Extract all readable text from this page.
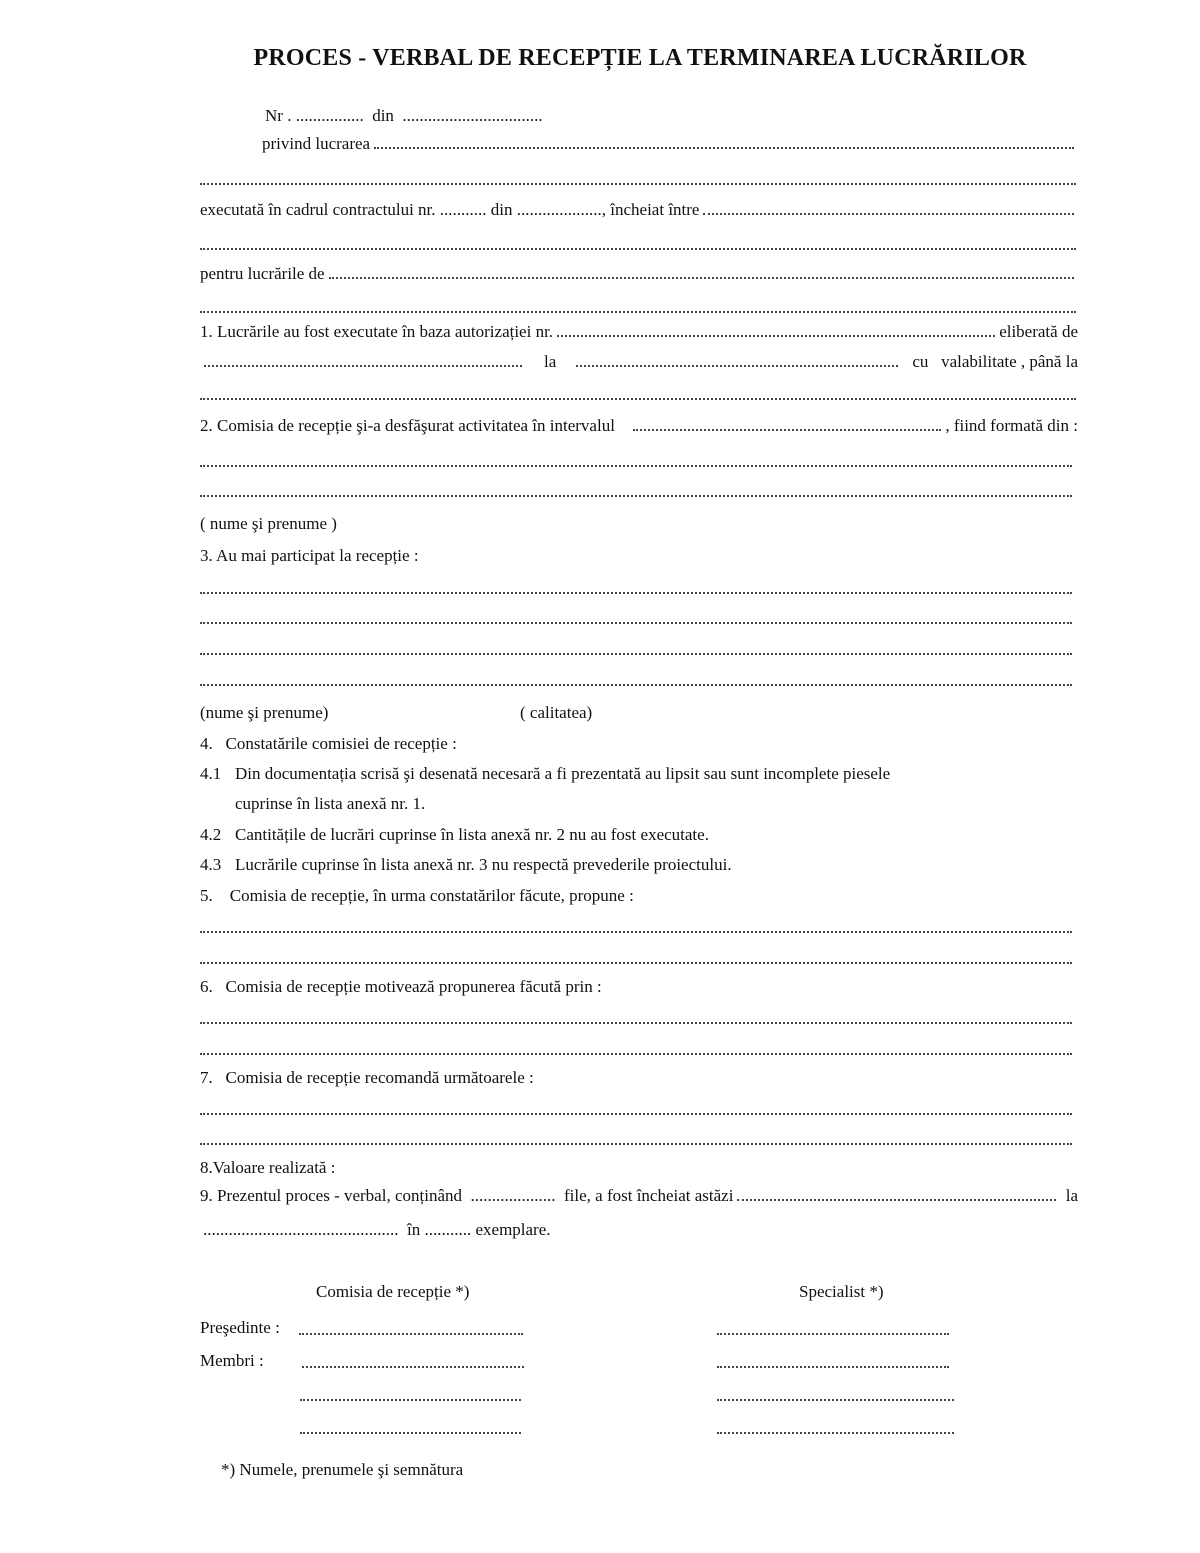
PROCES - VERBAL DE RECEPȚIE LA TERMINAREA LUCRĂRILOR
Nr . ................  din  .................................
privind lucrarea
executată în cadrul contractului nr. ........... din ...................., încheiat între
pentru lucrările de
1. Lucrările au fost executate în baza autorizației nr.	eliberată de
la	cu   valabilitate , până la
2. Comisia de recepție şi-a desfăşurat activitatea în intervalul	, fiind formată din :
( nume şi prenume )
3. Au mai participat la recepție :
(nume şi prenume)	( calitatea)
4.   Constatările comisiei de recepție :
4.1 Din documentația scrisă şi desenată necesară a fi prezentată au lipsit sau sunt incomplete piesele
cuprinse în lista anexă nr. 1.
4.2 Cantitățile de lucrări cuprinse în lista anexă nr. 2 nu au fost executate.
4.3 Lucrările cuprinse în lista anexă nr. 3 nu respectă prevederile proiectului.
5.    Comisia de recepție, în urma constatărilor făcute, propune :
6.   Comisia de recepție motivează propunerea făcută prin :
7.   Comisia de recepție recomandă următoarele :
8.Valoare realizată :
9. Prezentul proces - verbal, conținând  ....................  file, a fost încheiat astăzi	la
..............................................  în ........... exemplare.
Comisia de recepție *)	Specialist *)
Preşedinte :
Membri :
*) Numele, prenumele şi semnătura
